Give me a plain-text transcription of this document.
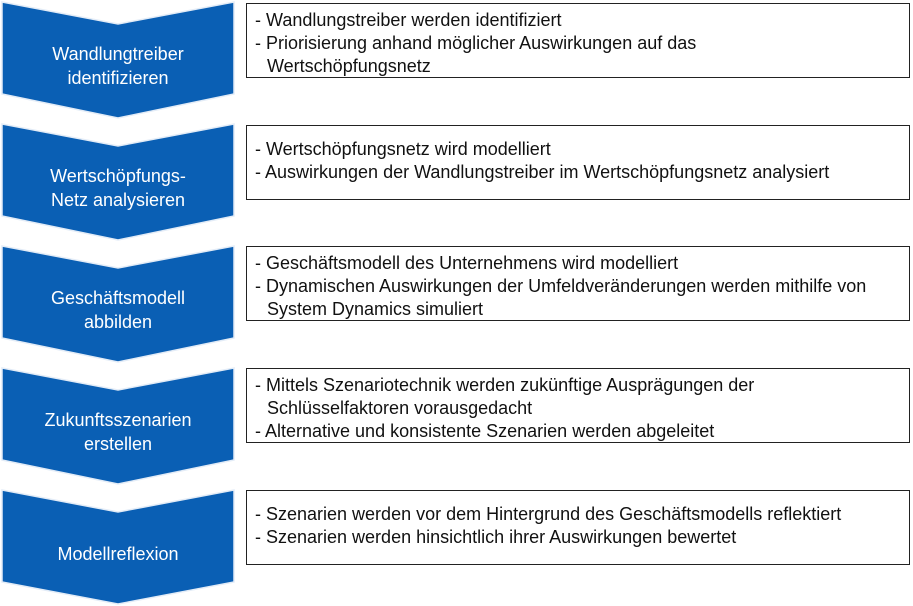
Wandlungtreiber
identifizieren
Wertschöpfungs-
Netz analysieren
Geschäftsmodell
abbilden
Zukunftsszenarien
erstellen
Modellreflexion
- Wandlungstreiber werden identifiziert
- Priorisierung anhand möglicher Auswirkungen auf das Wertschöpfungsnetz
- Wertschöpfungsnetz wird modelliert
- Auswirkungen der Wandlungstreiber im Wertschöpfungsnetz analysiert
- Geschäftsmodell des Unternehmens wird modelliert
- Dynamischen Auswirkungen der Umfeldveränderungen werden mithilfe von System Dynamics simuliert
- Mittels Szenariotechnik werden zukünftige Ausprägungen der Schlüsselfaktoren vorausgedacht
- Alternative und konsistente Szenarien werden abgeleitet
- Szenarien werden vor dem Hintergrund des Geschäftsmodells reflektiert
- Szenarien werden hinsichtlich ihrer Auswirkungen bewertet
